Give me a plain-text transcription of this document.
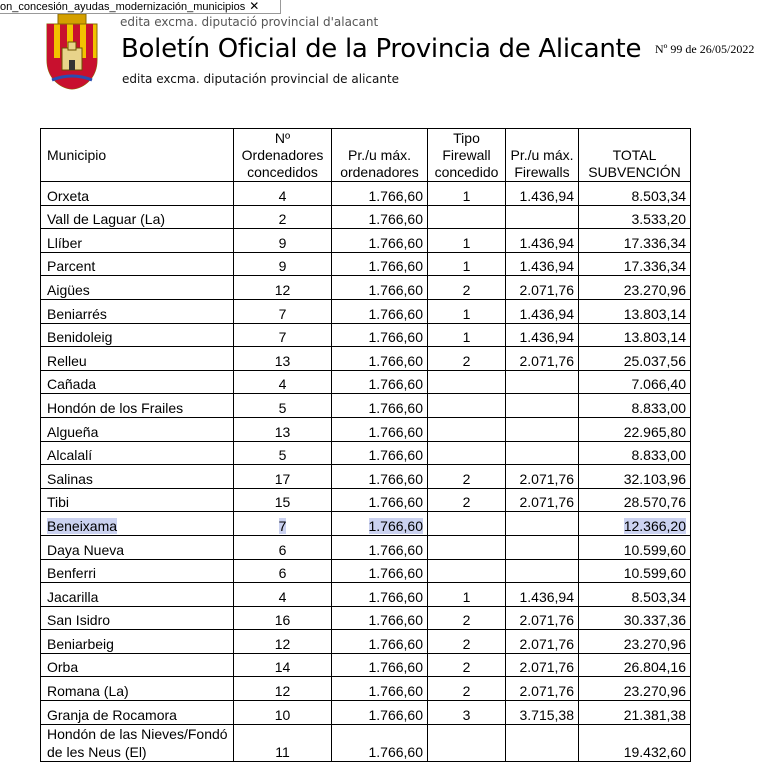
on_concesión_ayudas_modernización_municipios ✕
edita excma. diputació provincial d'alacant
Boletín Oficial de la Provincia de Alicante
edita excma. diputación provincial de alicante
Nº 99 de 26/05/2022
Municipio	Nº Ordenadores concedidos	Pr./u máx. ordenadores	Tipo Firewall concedido	Pr./u máx. Firewalls	TOTAL SUBVENCIÓN
Orxeta	4	1.766,60	1	1.436,94	8.503,34
Vall de Laguar (La)	2	1.766,60			3.533,20
Llíber	9	1.766,60	1	1.436,94	17.336,34
Parcent	9	1.766,60	1	1.436,94	17.336,34
Aigües	12	1.766,60	2	2.071,76	23.270,96
Beniarrés	7	1.766,60	1	1.436,94	13.803,14
Benidoleig	7	1.766,60	1	1.436,94	13.803,14
Relleu	13	1.766,60	2	2.071,76	25.037,56
Cañada	4	1.766,60			7.066,40
Hondón de los Frailes	5	1.766,60			8.833,00
Algueña	13	1.766,60			22.965,80
Alcalalí	5	1.766,60			8.833,00
Salinas	17	1.766,60	2	2.071,76	32.103,96
Tibi	15	1.766,60	2	2.071,76	28.570,76
Beneixama	7	1.766,60			12.366,20
Daya Nueva	6	1.766,60			10.599,60
Benferri	6	1.766,60			10.599,60
Jacarilla	4	1.766,60	1	1.436,94	8.503,34
San Isidro	16	1.766,60	2	2.071,76	30.337,36
Beniarbeig	12	1.766,60	2	2.071,76	23.270,96
Orba	14	1.766,60	2	2.071,76	26.804,16
Romana (La)	12	1.766,60	2	2.071,76	23.270,96
Granja de Rocamora	10	1.766,60	3	3.715,38	21.381,38
Hondón de las Nieves/Fondó de les Neus (El)	11	1.766,60			19.432,60
